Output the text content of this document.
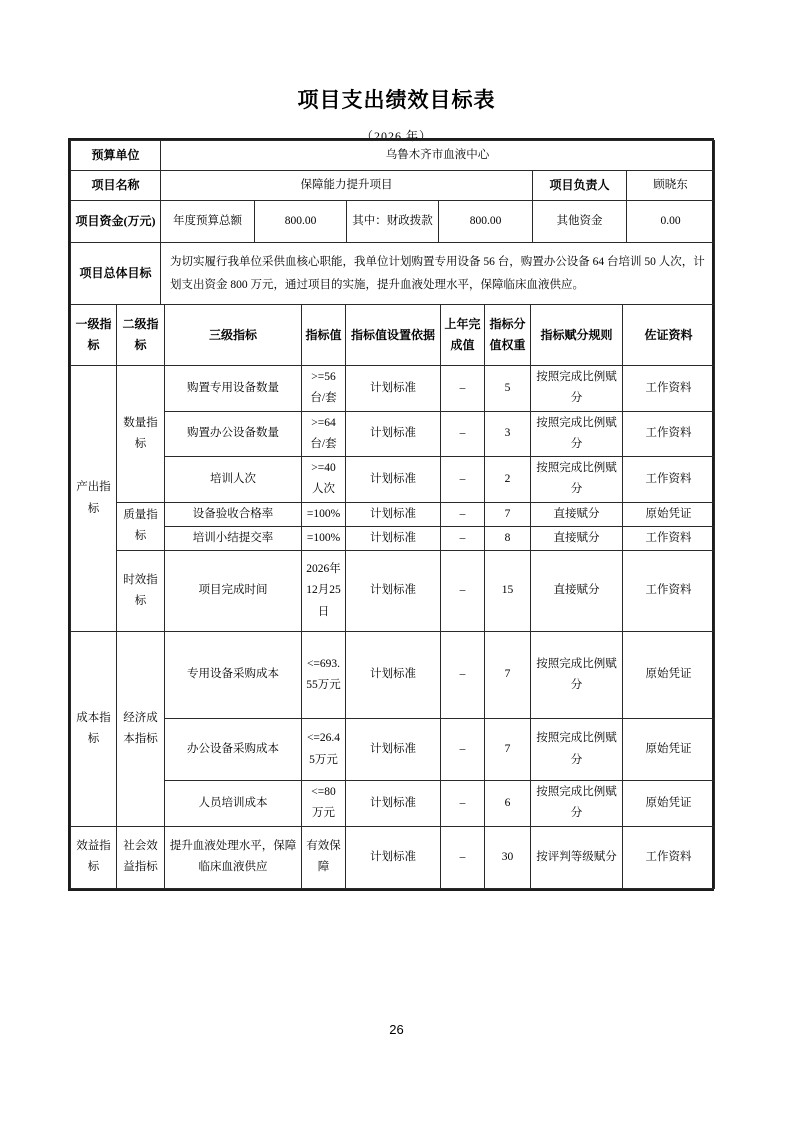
项目支出绩效目标表
（2026 年）
预算单位	乌鲁木齐市血液中心					
项目名称	保障能力提升项目				项目负责人	顾晓东
项目资金(万元)	年度预算总额	800.00	其中：财政拨款	800.00	其他资金	0.00
项目总体目标	为切实履行我单位采供血核心职能，我单位计划购置专用设备 56 台，购置办公设备 64 台培训 50 人次，计划支出资金 800 万元，通过项目的实施，提升血液处理水平，保障临床血液供应。					
一级指标	二级指标	三级指标	指标值	指标值设置依据	上年完成值	指标分值权重	指标赋分规则	佐证资料
产出指标	数量指标	购置专用设备数量	>=56 台/套	计划标准	–	5	按照完成比例赋分	工作资料
		购置办公设备数量	>=64 台/套	计划标准	–	3	按照完成比例赋分	工作资料
		培训人次	>=40 人次	计划标准	–	2	按照完成比例赋分	工作资料
	质量指标	设备验收合格率	=100%	计划标准	–	7	直接赋分	原始凭证
		培训小结提交率	=100%	计划标准	–	8	直接赋分	工作资料
	时效指标	项目完成时间	2026年12月25日	计划标准	–	15	直接赋分	工作资料
成本指标	经济成本指标	专用设备采购成本	<=693.55万元	计划标准	–	7	按照完成比例赋分	原始凭证
		办公设备采购成本	<=26.45万元	计划标准	–	7	按照完成比例赋分	原始凭证
		人员培训成本	<=80 万元	计划标准	–	6	按照完成比例赋分	原始凭证
效益指标	社会效益指标	提升血液处理水平，保障临床血液供应	有效保障	计划标准	–	30	按评判等级赋分	工作资料
26
